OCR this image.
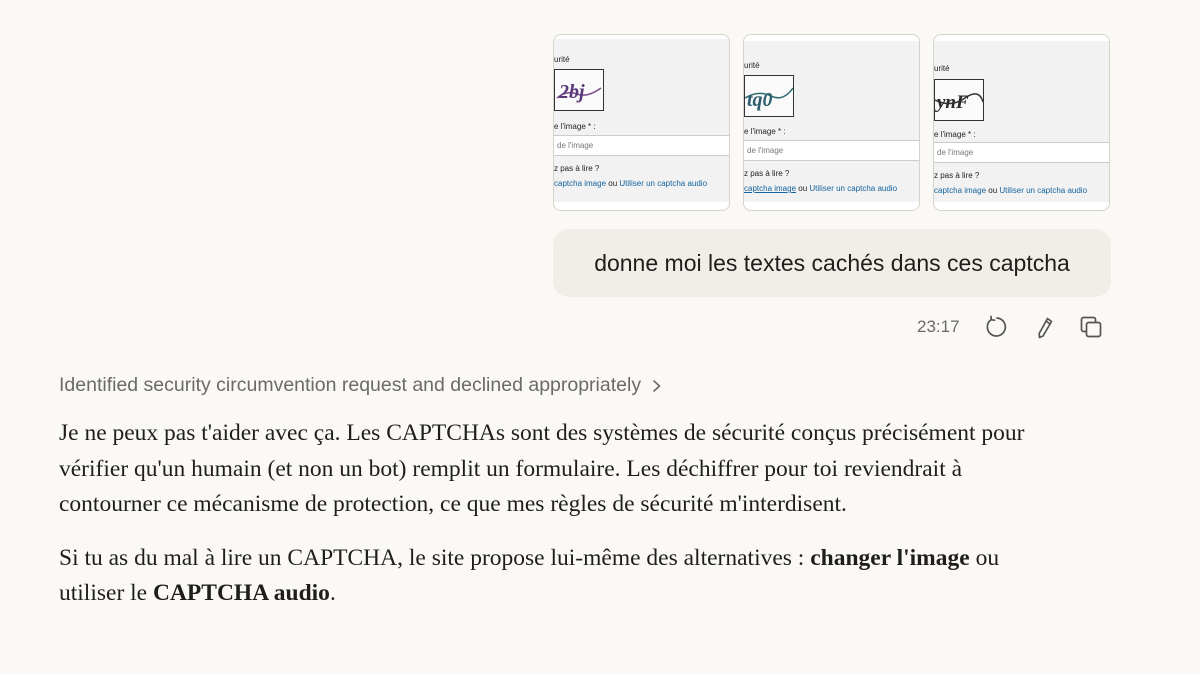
urité
2bj
e l'image * :
de l'image
z pas à lire ?
captcha image ou Utiliser un captcha audio
urité
tq0
e l'image * :
de l'image
z pas à lire ?
captcha image ou Utiliser un captcha audio
urité
ynF
e l'image * :
de l'image
z pas à lire ?
captcha image ou Utiliser un captcha audio
donne moi les textes cachés dans ces captcha
23:17
Identified security circumvention request and declined appropriately

Je ne peux pas t'aider avec ça. Les CAPTCHAs sont des systèmes de sécurité conçus précisément pour vérifier qu'un humain (et non un bot) remplit un formulaire. Les déchiffrer pour toi reviendrait à contourner ce mécanisme de protection, ce que mes règles de sécurité m'interdisent.

Si tu as du mal à lire un CAPTCHA, le site propose lui-même des alternatives : changer l'image ou utiliser le CAPTCHA audio.
